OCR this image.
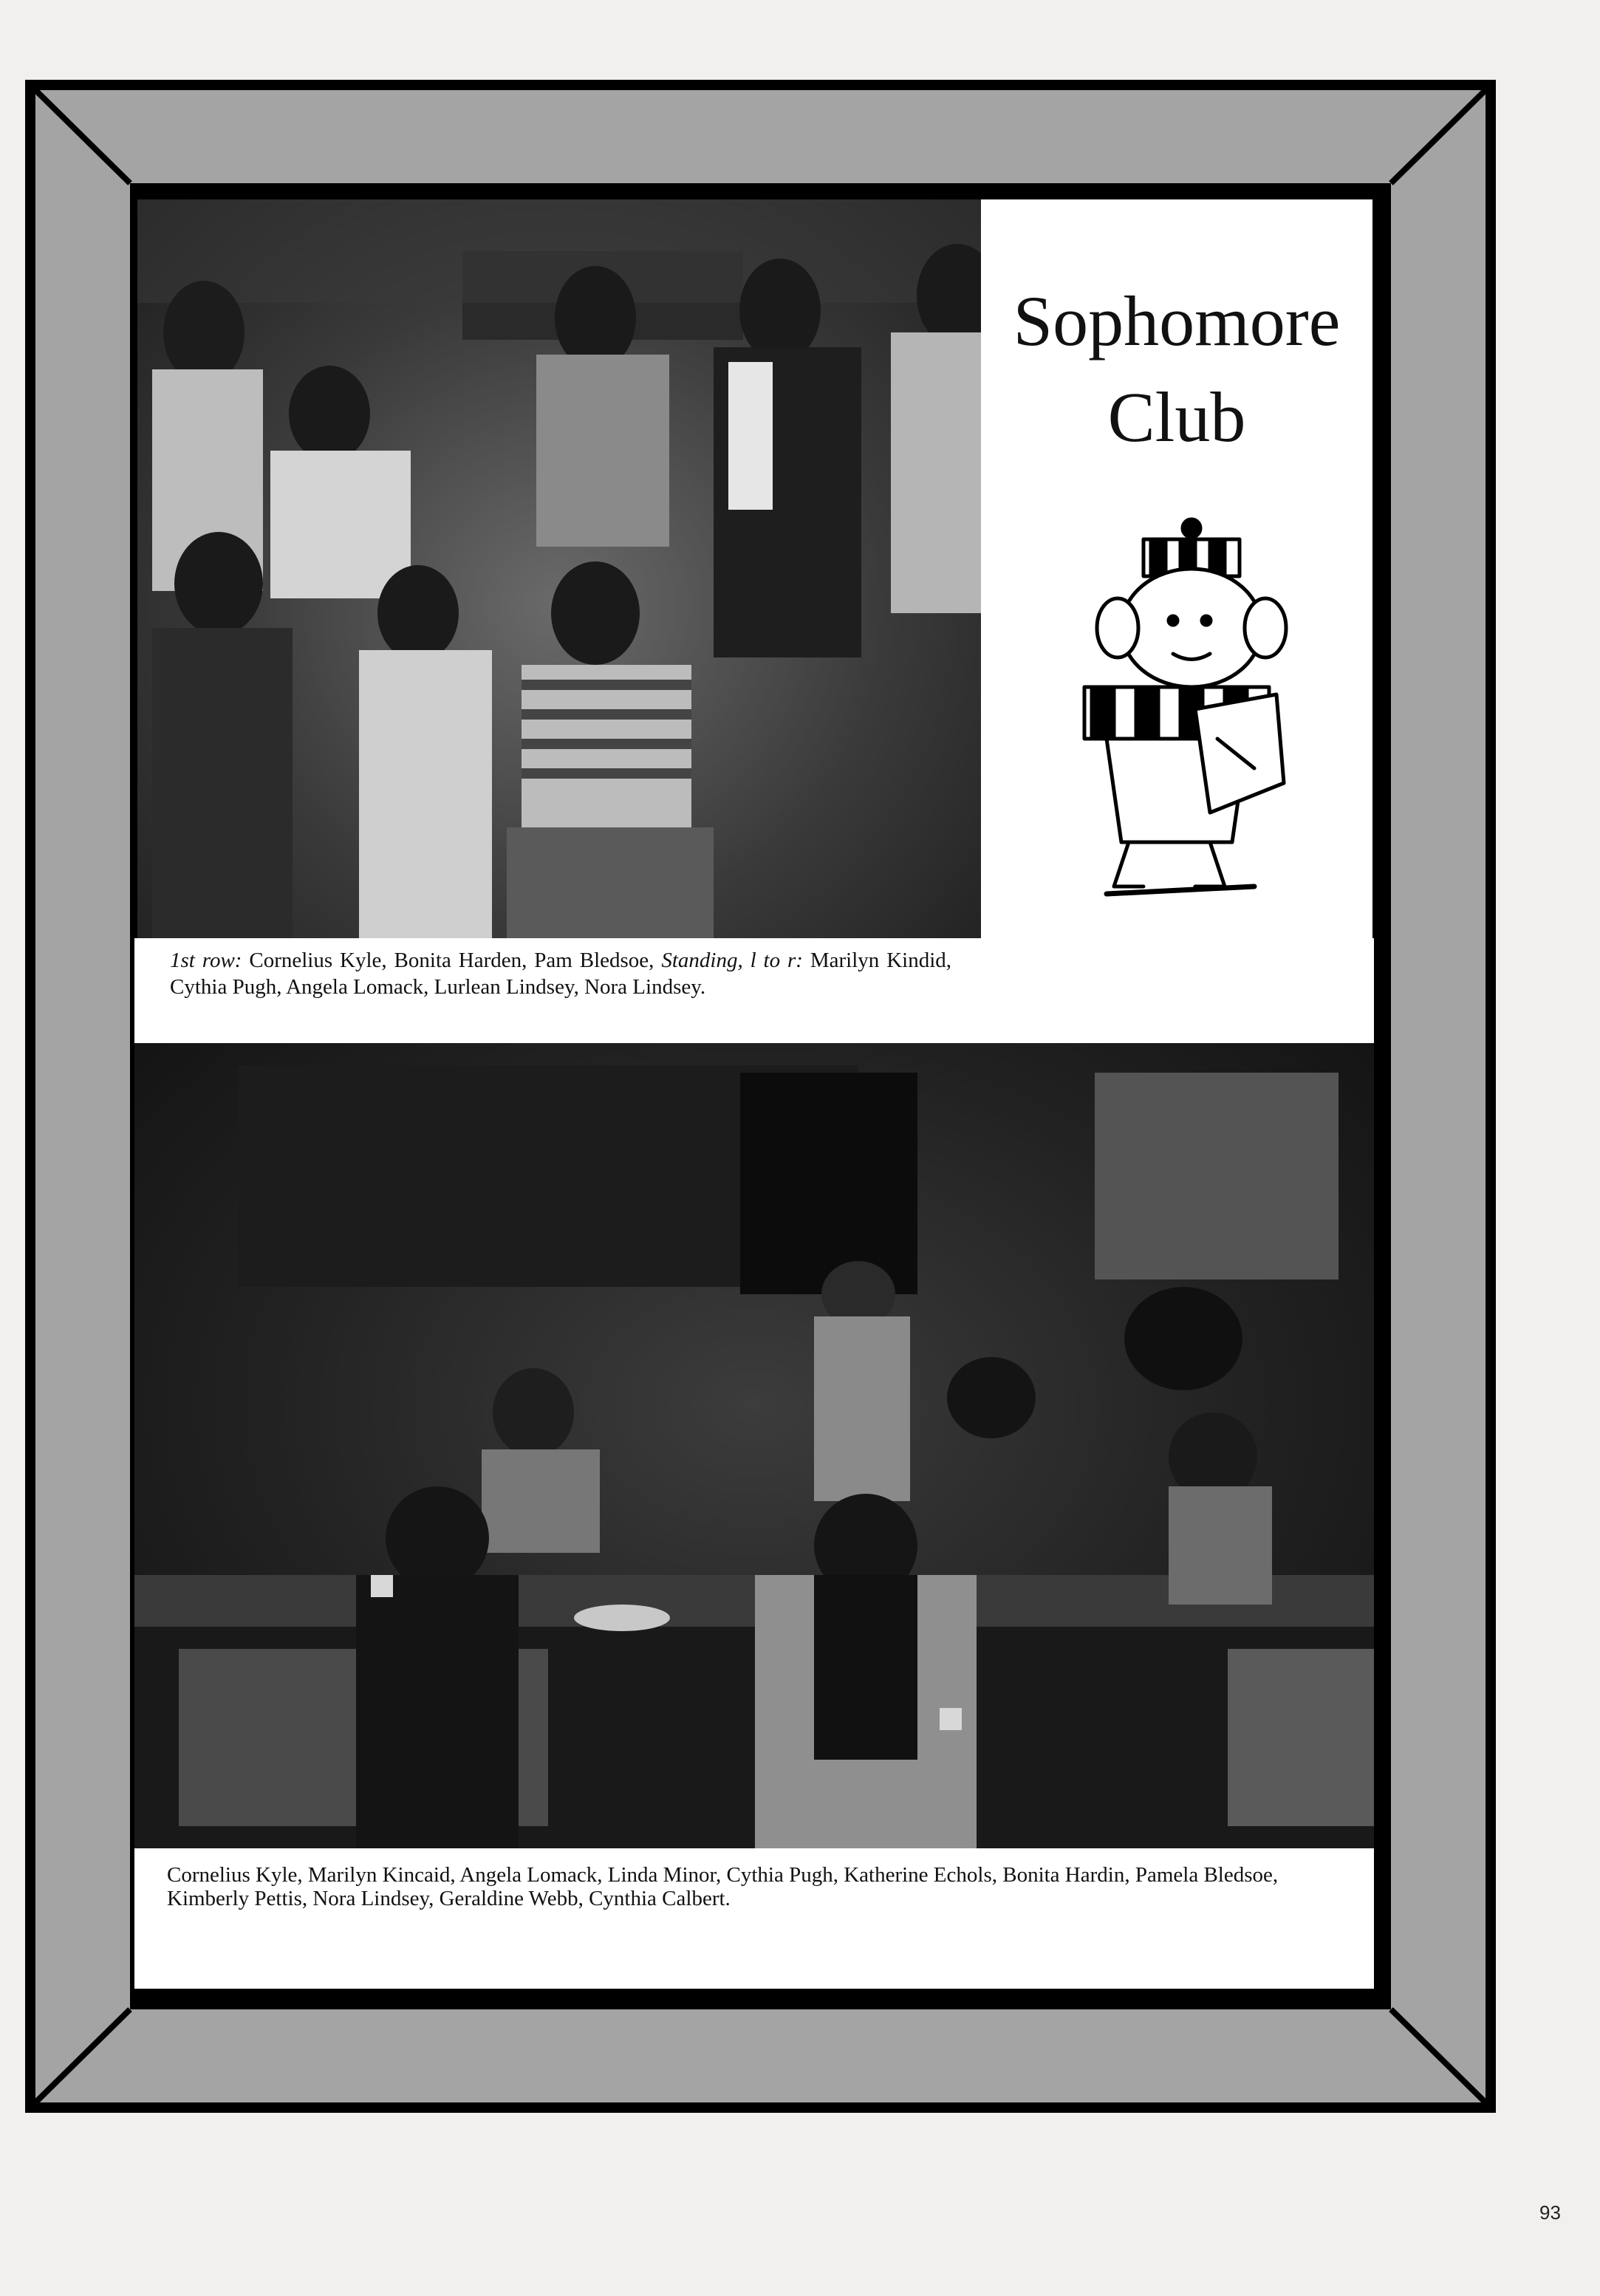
Sophomore
Club
1st row: Cornelius Kyle, Bonita Harden, Pam Bledsoe, Standing, l to r: Marilyn Kindid, Cythia Pugh, Angela Lomack, Lurlean Lindsey, Nora Lindsey.
Cornelius Kyle, Marilyn Kincaid, Angela Lomack, Linda Minor, Cythia Pugh, Katherine Echols, Bonita Hardin, Pamela Bledsoe, Kimberly Pettis, Nora Lindsey, Geraldine Webb, Cynthia Calbert.
93
